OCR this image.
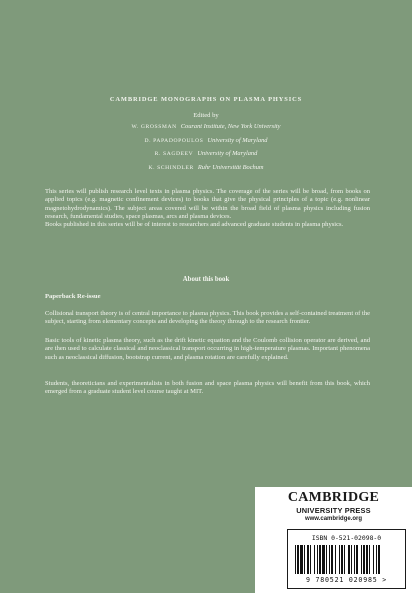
CAMBRIDGE MONOGRAPHS ON PLASMA PHYSICS
Edited by
W. GROSSMAN Courant Institute, New York University
D. PAPADOPOULOS University of Maryland
R. SAGDEEV University of Maryland
K. SCHINDLER Ruhr Universität Bochum
This series will publish research level texts in plasma physics. The coverage of the series will be broad, from books on applied topics (e.g. magnetic confinement devices) to books that give the physical principles of a topic (e.g. nonlinear magnetohydrodynamics). The subject areas covered will be within the broad field of plasma physics including fusion research, fundamental studies, space plasmas, arcs and plasma devices.
Books published in this series will be of interest to researchers and advanced graduate students in plasma physics.
About this book
Paperback Re-issue
Collisional transport theory is of central importance to plasma physics. This book provides a self-contained treatment of the subject, starting from elementary concepts and developing the theory through to the research frontier.
Basic tools of kinetic plasma theory, such as the drift kinetic equation and the Coulomb collision operator are derived, and are then used to calculate classical and neoclassical transport occurring in high-temperature plasmas. Important phenomena such as neoclassical diffusion, bootstrap current, and plasma rotation are carefully explained.
Students, theoreticians and experimentalists in both fusion and space plasma physics will benefit from this book, which emerged from a graduate student level course taught at MIT.
CAMBRIDGE
UNIVERSITY PRESS
www.cambridge.org
ISBN 0-521-02098-0
9 780521 020985 >
